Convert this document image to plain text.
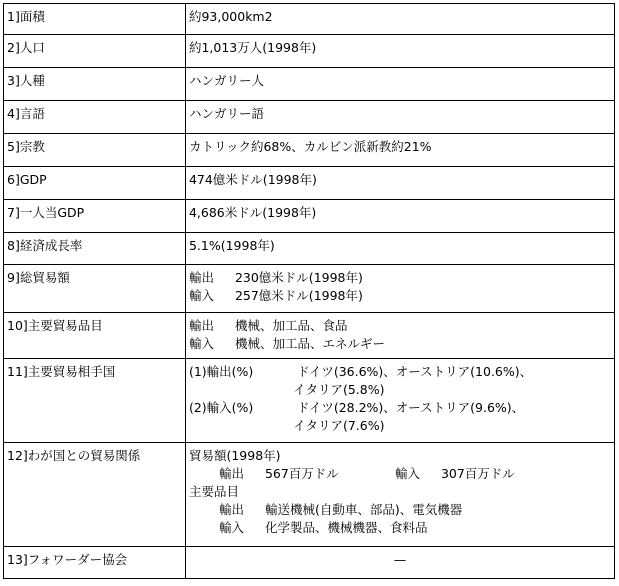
1]面積	約93,000km2
2]人口	約1,013万人(1998年)
3]人種	ハンガリー人
4]言語	ハンガリー語
5]宗教	カトリック約68%、カルビン派新教約21%
6]GDP	474億米ドル(1998年)
7]一人当GDP	4,686米ドル(1998年)
8]経済成長率	5.1%(1998年)
9]総貿易額	輸出 230億米ドル(1998年)
輸入 257億米ドル(1998年)

10]主要貿易品目	輸出 機械、加工品、食品
輸入 機械、加工品、エネルギー

11]主要貿易相手国	(1)輸出(%) ドイツ(36.6%)、オーストリア(10.6%)、
イタリア(5.8%)
(2)輸入(%) ドイツ(28.2%)、オーストリア(9.6%)、
イタリア(7.6%)

12]わが国との貿易関係	貿易額(1998年)
輸出 567百万ドル 輸入 307百万ドル
主要品目
輸出 輸送機械(自動車、部品)、電気機器
輸入 化学製品、機械機器、食料品

13]フォワーダー協会	—
